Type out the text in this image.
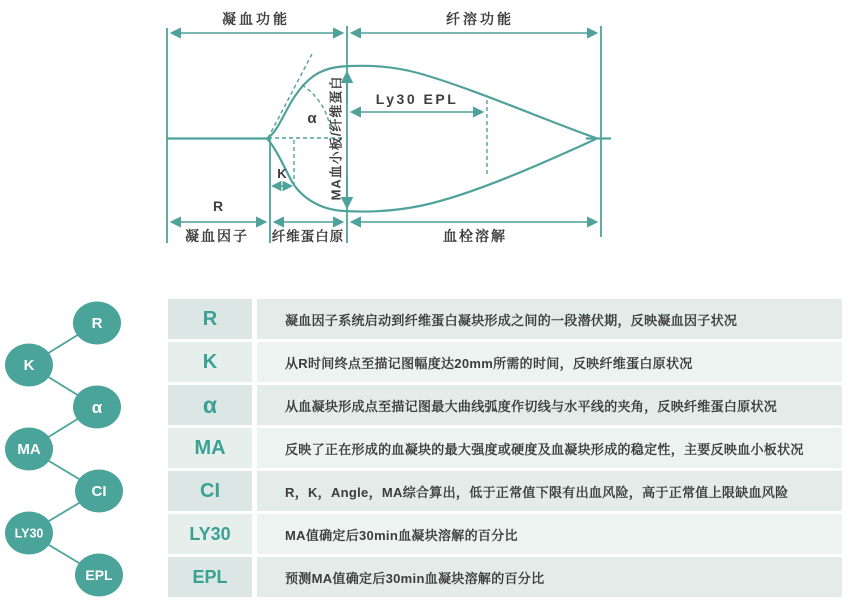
凝血功能	纤溶功能
MA血小板/纤维蛋白 Ly30 EPL
α
K
R
凝血因子 纤维蛋白原	血栓溶解
R
K
α
MA
CI
LY30
EPL
R	凝血因子系统启动到纤维蛋白凝块形成之间的一段潜伏期，反映凝血因子状况
K	从R时间终点至描记图幅度达20mm所需的时间，反映纤维蛋白原状况
α	从血凝块形成点至描记图最大曲线弧度作切线与水平线的夹角，反映纤维蛋白原状况
MA	反映了正在形成的血凝块的最大强度或硬度及血凝块形成的稳定性，主要反映血小板状况
CI	R，K，Angle，MA综合算出，低于正常值下限有出血风险，高于正常值上限缺血风险
LY30	MA值确定后30min血凝块溶解的百分比
EPL	预测MA值确定后30min血凝块溶解的百分比
